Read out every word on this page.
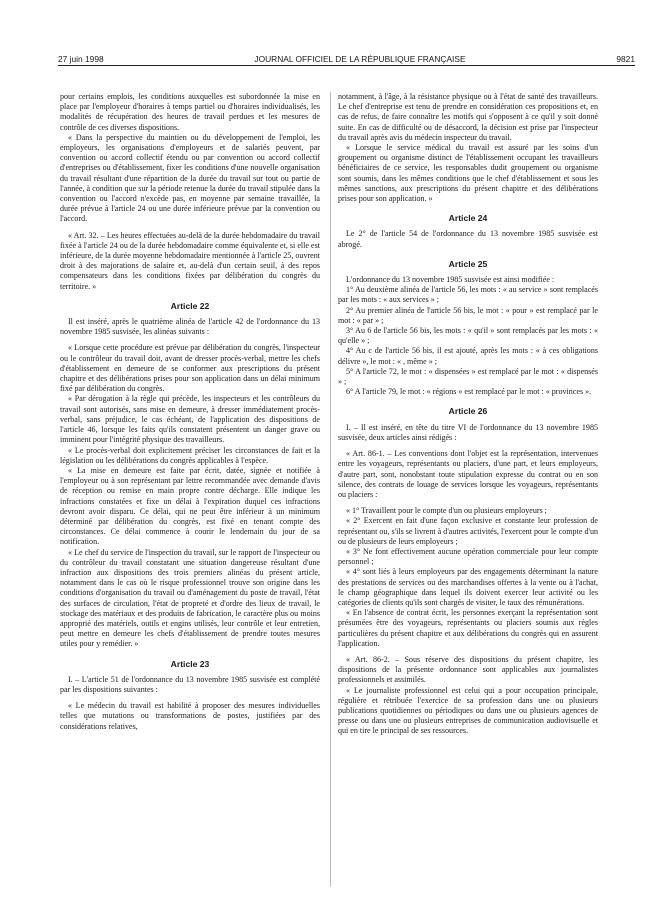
27 juin 1998	JOURNAL OFFICIEL DE LA RÉPUBLIQUE FRANÇAISE	9821

pour certains emplois, les conditions auxquelles est subordonnée la mise en place par l'employeur d'horaires à temps partiel ou d'horaires individualisés, les modalités de récupération des heures de travail perdues et les mesures de contrôle de ces diverses dispositions.

« Dans la perspective du maintien ou du développement de l'emploi, les employeurs, les organisations d'employeurs et de salariés peuvent, par convention ou accord collectif étendu ou par convention ou accord collectif d'entreprises ou d'établissement, fixer les conditions d'une nouvelle organisation du travail résultant d'une répartition de la durée du travail sur tout ou partie de l'année, à condition que sur la période retenue la durée du travail stipulée dans la convention ou l'accord n'excède pas, en moyenne par semaine travaillée, la durée prévue à l'article 24 ou une durée inférieure prévue par la convention ou l'accord.

« Art. 32. – Les heures effectuées au-delà de la durée hebdomadaire du travail fixée à l'article 24 ou de la durée hebdomadaire comme équivalente et, si elle est inférieure, de la durée moyenne hebdomadaire mentionnée à l'article 25, ouvrent droit à des majorations de salaire et, au-delà d'un certain seuil, à des repos compensateurs dans les conditions fixées par délibération du congrès du territoire. »

Article 22

Il est inséré, après le quatrième alinéa de l'article 42 de l'ordonnance du 13 novembre 1985 susvisée, les alinéas suivants :

« Lorsque cette procédure est prévue par délibération du congrès, l'inspecteur ou le contrôleur du travail doit, avant de dresser procès-verbal, mettre les chefs d'établissement en demeure de se conformer aux prescriptions du présent chapitre et des délibérations prises pour son application dans un délai minimum fixé par délibération du congrès.

« Par dérogation à la règle qui précède, les inspecteurs et les contrôleurs du travail sont autorisés, sans mise en demeure, à dresser immédiatement procès-verbal, sans préjudice, le cas échéant, de l'application des dispositions de l'article 46, lorsque les faits qu'ils constatent présentent un danger grave ou imminent pour l'intégrité physique des travailleurs.

« Le procès-verbal doit explicitement préciser les circonstances de fait et la législation ou les délibérations du congrès applicables à l'espèce.

« La mise en demeure est faite par écrit, datée, signée et notifiée à l'employeur ou à son représentant par lettre recommandée avec demande d'avis de réception ou remise en main propre contre décharge. Elle indique les infractions constatées et fixe un délai à l'expiration duquel ces infractions devront avoir disparu. Ce délai, qui ne peut être inférieur à un minimum déterminé par délibération du congrès, est fixé en tenant compte des circonstances. Ce délai commence à courir le lendemain du jour de sa notification.

« Le chef du service de l'inspection du travail, sur le rapport de l'inspecteur ou du contrôleur du travail constatant une situation dangereuse résultant d'une infraction aux dispositions des trois premiers alinéas du présent article, notamment dans le cas où le risque professionnel trouve son origine dans les conditions d'organisation du travail ou d'aménagement du poste de travail, l'état des surfaces de circulation, l'état de propreté et d'ordre des lieux de travail, le stockage des matériaux et des produits de fabrication, le caractère plus ou moins approprié des matériels, outils et engins utilisés, leur contrôle et leur entretien, peut mettre en demeure les chefs d'établissement de prendre toutes mesures utiles pour y remédier. »

Article 23

I. – L'article 51 de l'ordonnance du 13 novembre 1985 susvisée est complété par les dispositions suivantes :

« Le médecin du travail est habilité à proposer des mesures individuelles telles que mutations ou transformations de postes, justifiées par des considérations relatives,

notamment, à l'âge, à la résistance physique ou à l'état de santé des travailleurs. Le chef d'entreprise est tenu de prendre en considération ces propositions et, en cas de refus, de faire connaître les motifs qui s'opposent à ce qu'il y soit donné suite. En cas de difficulté ou de désaccord, la décision est prise par l'inspecteur du travail après avis du médecin inspecteur du travail.

« Lorsque le service médical du travail est assuré par les soins d'un groupement ou organisme distinct de l'établissement occupant les travailleurs bénéficiaires de ce service, les responsables dudit groupement ou organisme sont soumis, dans les mêmes conditions que le chef d'établissement et sous les mêmes sanctions, aux prescriptions du présent chapitre et des délibérations prises pour son application. »

Article 24

Le 2° de l'article 54 de l'ordonnance du 13 novembre 1985 susvisée est abrogé.

Article 25

L'ordonnance du 13 novembre 1985 susvisée est ainsi modifiée :

1° Au deuxième alinéa de l'article 56, les mots : « au service » sont remplacés par les mots : « aux services » ;

2° Au premier alinéa de l'article 56 bis, le mot : « pour » est remplacé par le mot : « par » ;

3° Au 6 de l'article 56 bis, les mots : « qu'il » sont remplacés par les mots : « qu'elle » ;

4° Au c de l'article 56 bis, il est ajouté, après les mots : « à ces obligations délivre », le mot : « , même » ;

5° A l'article 72, le mot : « dispensées » est remplacé par le mot : « dispensés » ;

6° A l'article 79, le mot : « régions » est remplacé par le mot : « provinces ».

Article 26

I. – Il est inséré, en tête du titre VI de l'ordonnance du 13 novembre 1985 susvisée, deux articles ainsi rédigés :

« Art. 86-1. – Les conventions dont l'objet est la représentation, intervenues entre les voyageurs, représentants ou placiers, d'une part, et leurs employeurs, d'autre part, sont, nonobstant toute stipulation expresse du contrat ou en son silence, des contrats de louage de services lorsque les voyageurs, représentants ou placiers :

« 1° Travaillent pour le compte d'un ou plusieurs employeurs ;

« 2° Exercent en fait d'une façon exclusive et constante leur profession de représentant ou, s'ils se livrent à d'autres activités, l'exercent pour le compte d'un ou de plusieurs de leurs employeurs ;

« 3° Ne font effectivement aucune opération commerciale pour leur compte personnel ;

« 4° sont liés à leurs employeurs par des engagements déterminant la nature des prestations de services ou des marchandises offertes à la vente ou à l'achat, le champ géographique dans lequel ils doivent exercer leur activité ou les catégories de clients qu'ils sont chargés de visiter, le taux des rémunérations.

« En l'absence de contrat écrit, les personnes exerçant la représentation sont présumées être des voyageurs, représentants ou placiers soumis aux règles particulières du présent chapitre et aux délibérations du congrès qui en assurent l'application.

« Art. 86-2. – Sous réserve des dispositions du présent chapitre, les dispositions de la présente ordonnance sont applicables aux journalistes professionnels et assimilés.

« Le journaliste professionnel est celui qui a pour occupation principale, régulière et rétribuée l'exercice de sa profession dans une ou plusieurs publications quotidiennes ou périodiques ou dans une ou plusieurs agences de presse ou dans une ou plusieurs entreprises de communication audiovisuelle et qui en tire le principal de ses ressources.
